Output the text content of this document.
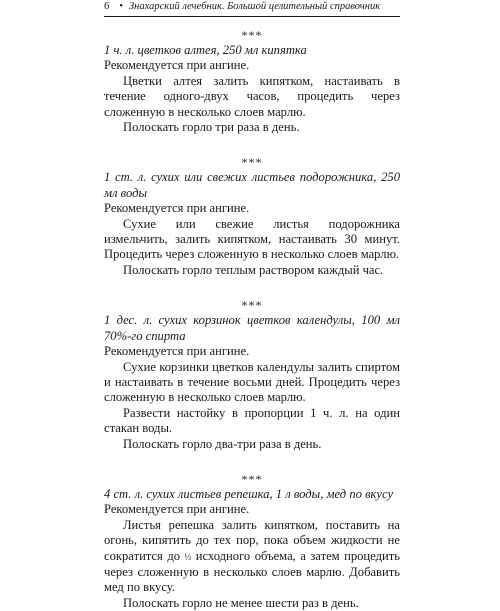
6 • Знахарский лечебник. Большой целительный справочник
***
1 ч. л. цветков алтея, 250 мл кипятка
Рекомендуется при ангине.
Цветки алтея залить кипятком, настаивать в течение одного-двух часов, процедить через сложенную в несколько слоев марлю.
Полоскать горло три раза в день.
***
1 ст. л. сухих или свежих листьев подорожника, 250 мл воды
Рекомендуется при ангине.
Сухие или свежие листья подорожника измельчить, залить кипятком, настаивать 30 минут. Процедить через сложенную в несколько слоев марлю.
Полоскать горло теплым раствором каждый час.
***
1 дес. л. сухих корзинок цветков календулы, 100 мл 70%-го спирта
Рекомендуется при ангине.
Сухие корзинки цветков календулы залить спиртом и настаивать в течение восьми дней. Процедить через сложенную в несколько слоев марлю.
Развести настойку в пропорции 1 ч. л. на один стакан воды.
Полоскать горло два-три раза в день.
***
4 ст. л. сухих листьев репешка, 1 л воды, мед по вкусу
Рекомендуется при ангине.
Листья репешка залить кипятком, поставить на огонь, кипятить до тех пор, пока объем жидкости не сократится до ⅓ исходного объема, а затем процедить через сложенную в несколько слоев марлю. Добавить мед по вкусу.
Полоскать горло не менее шести раз в день.
